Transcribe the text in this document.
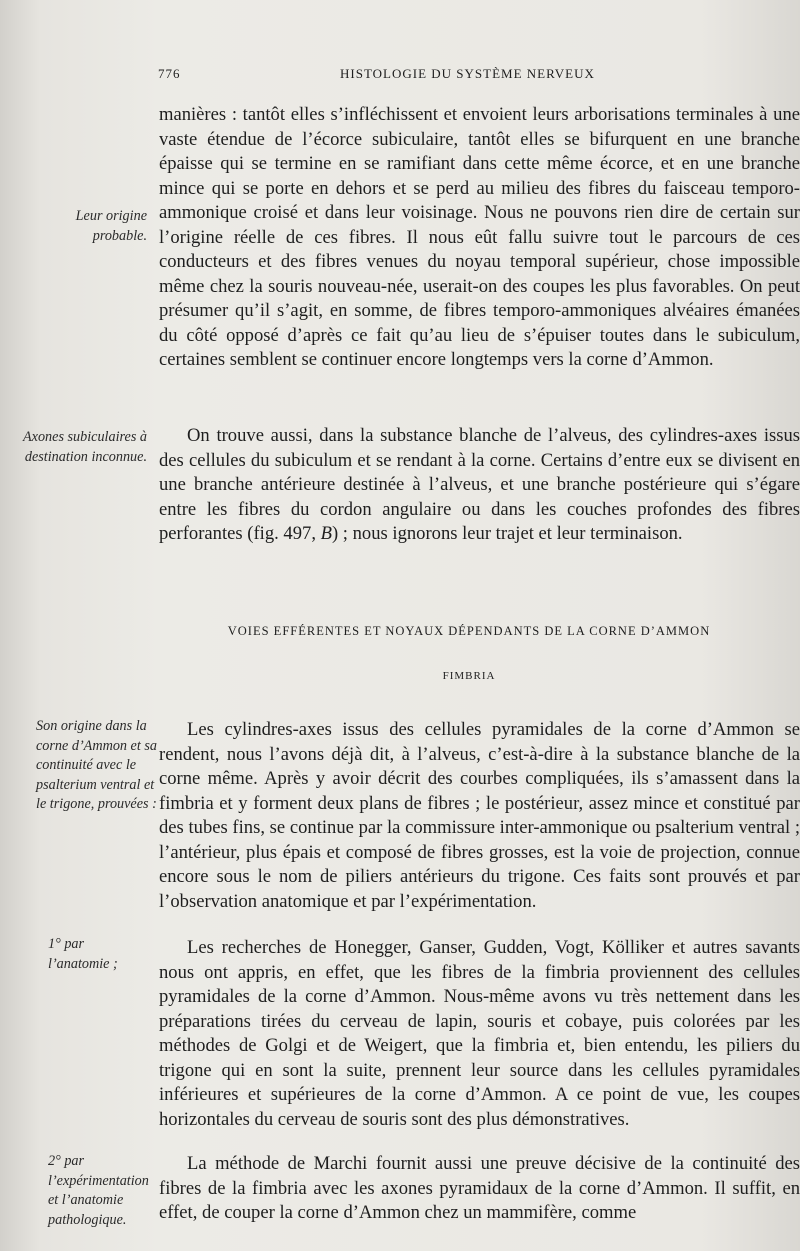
776	HISTOLOGIE DU SYSTÈME NERVEUX

Leur origine probable.

Axones subiculaires à destination inconnue.

Son origine dans la corne d’Ammon et sa continuité avec le psalterium ventral et le trigone, prouvées :

1° par l’anatomie ;

2° par l’expérimentation et l’anatomie pathologique.

manières : tantôt elles s’infléchissent et envoient leurs arborisations terminales à une vaste étendue de l’écorce subiculaire, tantôt elles se bifurquent en une branche épaisse qui se termine en se ramifiant dans cette même écorce, et en une branche mince qui se porte en dehors et se perd au milieu des fibres du faisceau temporo-ammonique croisé et dans leur voisinage. Nous ne pouvons rien dire de certain sur l’origine réelle de ces fibres. Il nous eût fallu suivre tout le parcours de ces conducteurs et des fibres venues du noyau temporal supérieur, chose impossible même chez la souris nouveau-née, userait-on des coupes les plus favorables. On peut présumer qu’il s’agit, en somme, de fibres temporo-ammoniques alvéaires émanées du côté opposé d’après ce fait qu’au lieu de s’épuiser toutes dans le subiculum, certaines semblent se continuer encore longtemps vers la corne d’Ammon.

On trouve aussi, dans la substance blanche de l’alveus, des cylindres-axes issus des cellules du subiculum et se rendant à la corne. Certains d’entre eux se divisent en une branche antérieure destinée à l’alveus, et une branche postérieure qui s’égare entre les fibres du cordon angulaire ou dans les couches profondes des fibres perforantes (fig. 497, B) ; nous ignorons leur trajet et leur terminaison.

VOIES EFFÉRENTES ET NOYAUX DÉPENDANTS DE LA CORNE D’AMMON

FIMBRIA

Les cylindres-axes issus des cellules pyramidales de la corne d’Ammon se rendent, nous l’avons déjà dit, à l’alveus, c’est-à-dire à la substance blanche de la corne même. Après y avoir décrit des courbes compliquées, ils s’amassent dans la fimbria et y forment deux plans de fibres ; le postérieur, assez mince et constitué par des tubes fins, se continue par la commissure inter-ammonique ou psalterium ventral ; l’antérieur, plus épais et composé de fibres grosses, est la voie de projection, connue encore sous le nom de piliers antérieurs du trigone. Ces faits sont prouvés et par l’observation anatomique et par l’expérimentation.

Les recherches de Honegger, Ganser, Gudden, Vogt, Kölliker et autres savants nous ont appris, en effet, que les fibres de la fimbria proviennent des cellules pyramidales de la corne d’Ammon. Nous-même avons vu très nettement dans les préparations tirées du cerveau de lapin, souris et cobaye, puis colorées par les méthodes de Golgi et de Weigert, que la fimbria et, bien entendu, les piliers du trigone qui en sont la suite, prennent leur source dans les cellules pyramidales inférieures et supérieures de la corne d’Ammon. A ce point de vue, les coupes horizontales du cerveau de souris sont des plus démonstratives.

La méthode de Marchi fournit aussi une preuve décisive de la continuité des fibres de la fimbria avec les axones pyramidaux de la corne d’Ammon. Il suffit, en effet, de couper la corne d’Ammon chez un mammifère, comme
